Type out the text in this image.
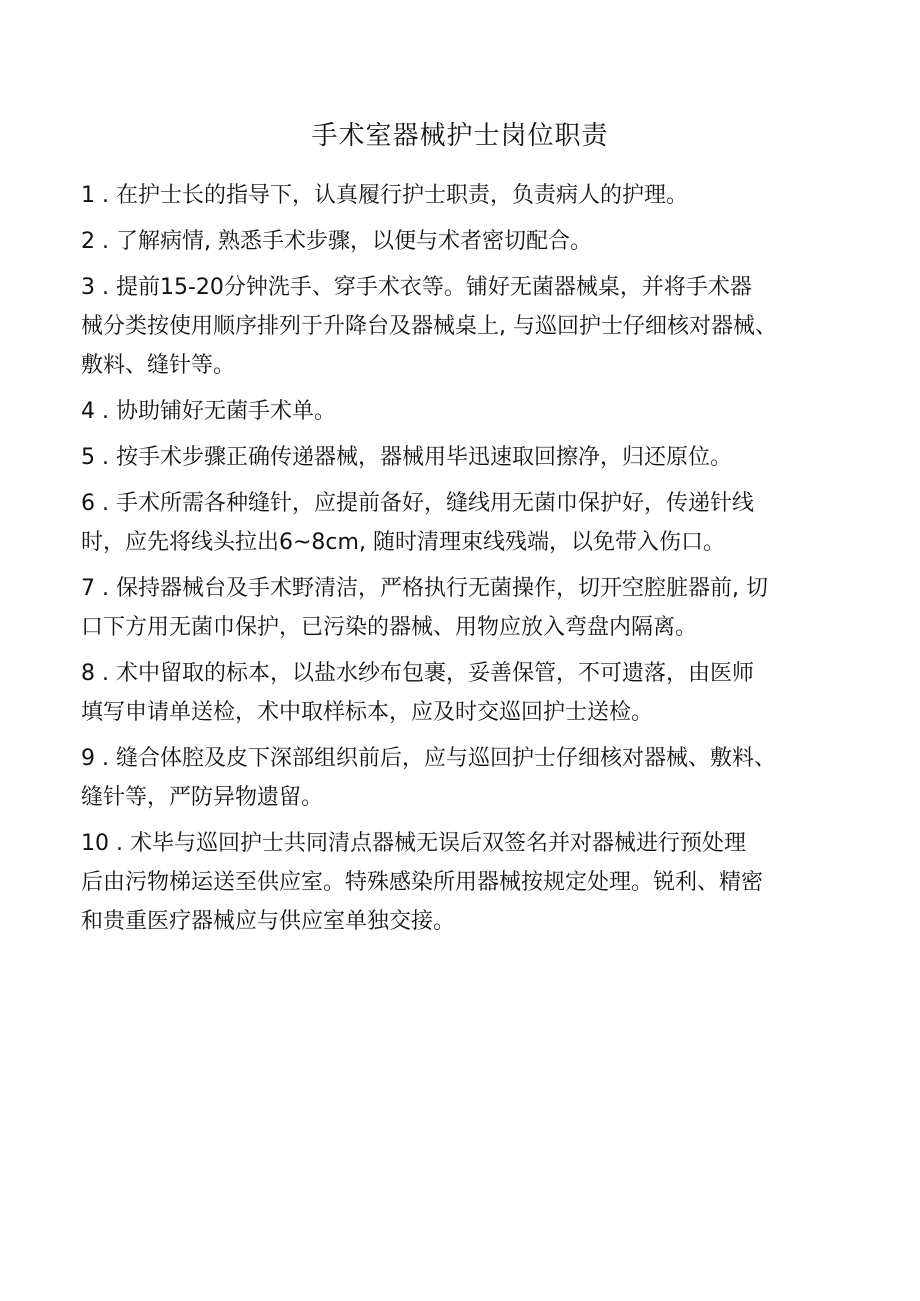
手术室器械护士岗位职责
1 . 在护士长的指导下，认真履行护士职责，负责病人的护理。
2 . 了解病情, 熟悉手术步骤，以便与术者密切配合。
3 . 提前15-20分钟洗手、穿手术衣等。铺好无菌器械桌，并将手术器
械分类按使用顺序排列于升降台及器械桌上, 与巡回护士仔细核对器械、
敷料、缝针等。
4 . 协助铺好无菌手术单。
5 . 按手术步骤正确传递器械，器械用毕迅速取回擦净，归还原位。
6 . 手术所需各种缝针，应提前备好，缝线用无菌巾保护好，传递针线
时，应先将线头拉出6~8cm, 随时清理束线残端，以免带入伤口。
7 . 保持器械台及手术野清洁，严格执行无菌操作，切开空腔脏器前, 切
口下方用无菌巾保护，已污染的器械、用物应放入弯盘内隔离。
8 . 术中留取的标本，以盐水纱布包裹，妥善保管，不可遗落，由医师
填写申请单送检，术中取样标本，应及时交巡回护士送检。
9 . 缝合体腔及皮下深部组织前后，应与巡回护士仔细核对器械、敷料、
缝针等，严防异物遗留。
10 . 术毕与巡回护士共同清点器械无误后双签名并对器械进行预处理
后由污物梯运送至供应室。特殊感染所用器械按规定处理。锐利、精密
和贵重医疗器械应与供应室单独交接。
